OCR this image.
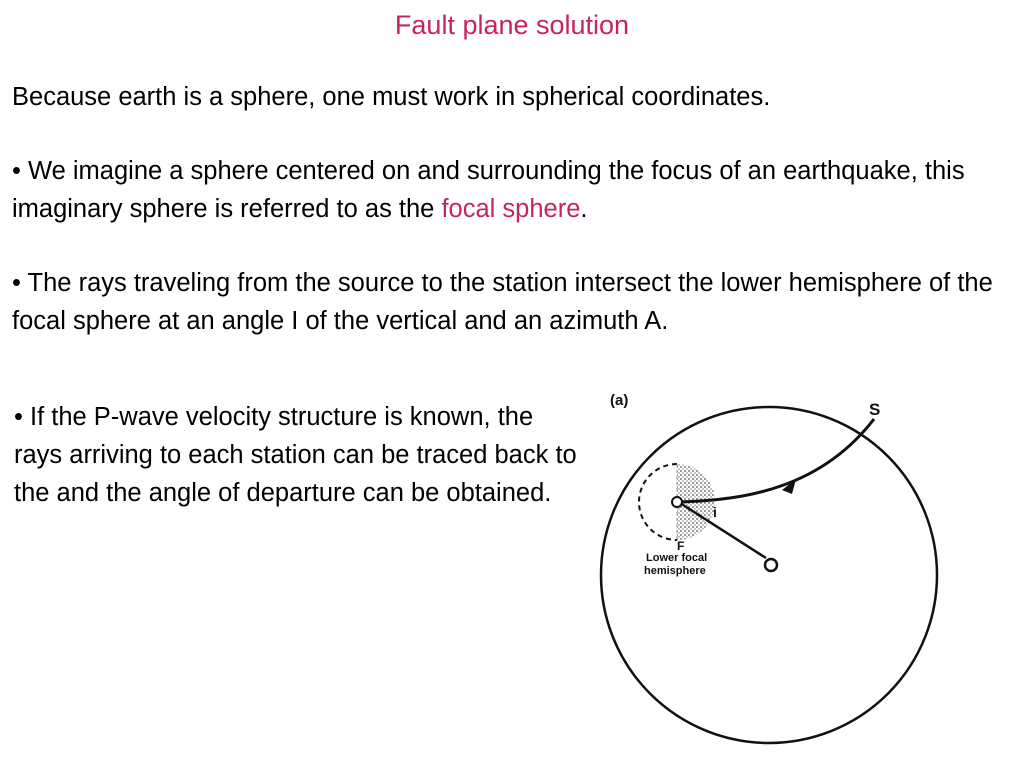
Fault plane solution

Because earth is a sphere, one must work in spherical coordinates.

• We imagine a sphere centered on and surrounding the focus of an earthquake, this imaginary sphere is referred to as the focal sphere.

• The rays traveling from the source to the station intersect the lower hemisphere of the focal sphere at an angle I of the vertical and an azimuth A.

• If the P-wave velocity structure is known, the rays arriving to each station can be traced back to the and the angle of departure can be obtained.

(a)	S
i
F
Lower focal
hemisphere
